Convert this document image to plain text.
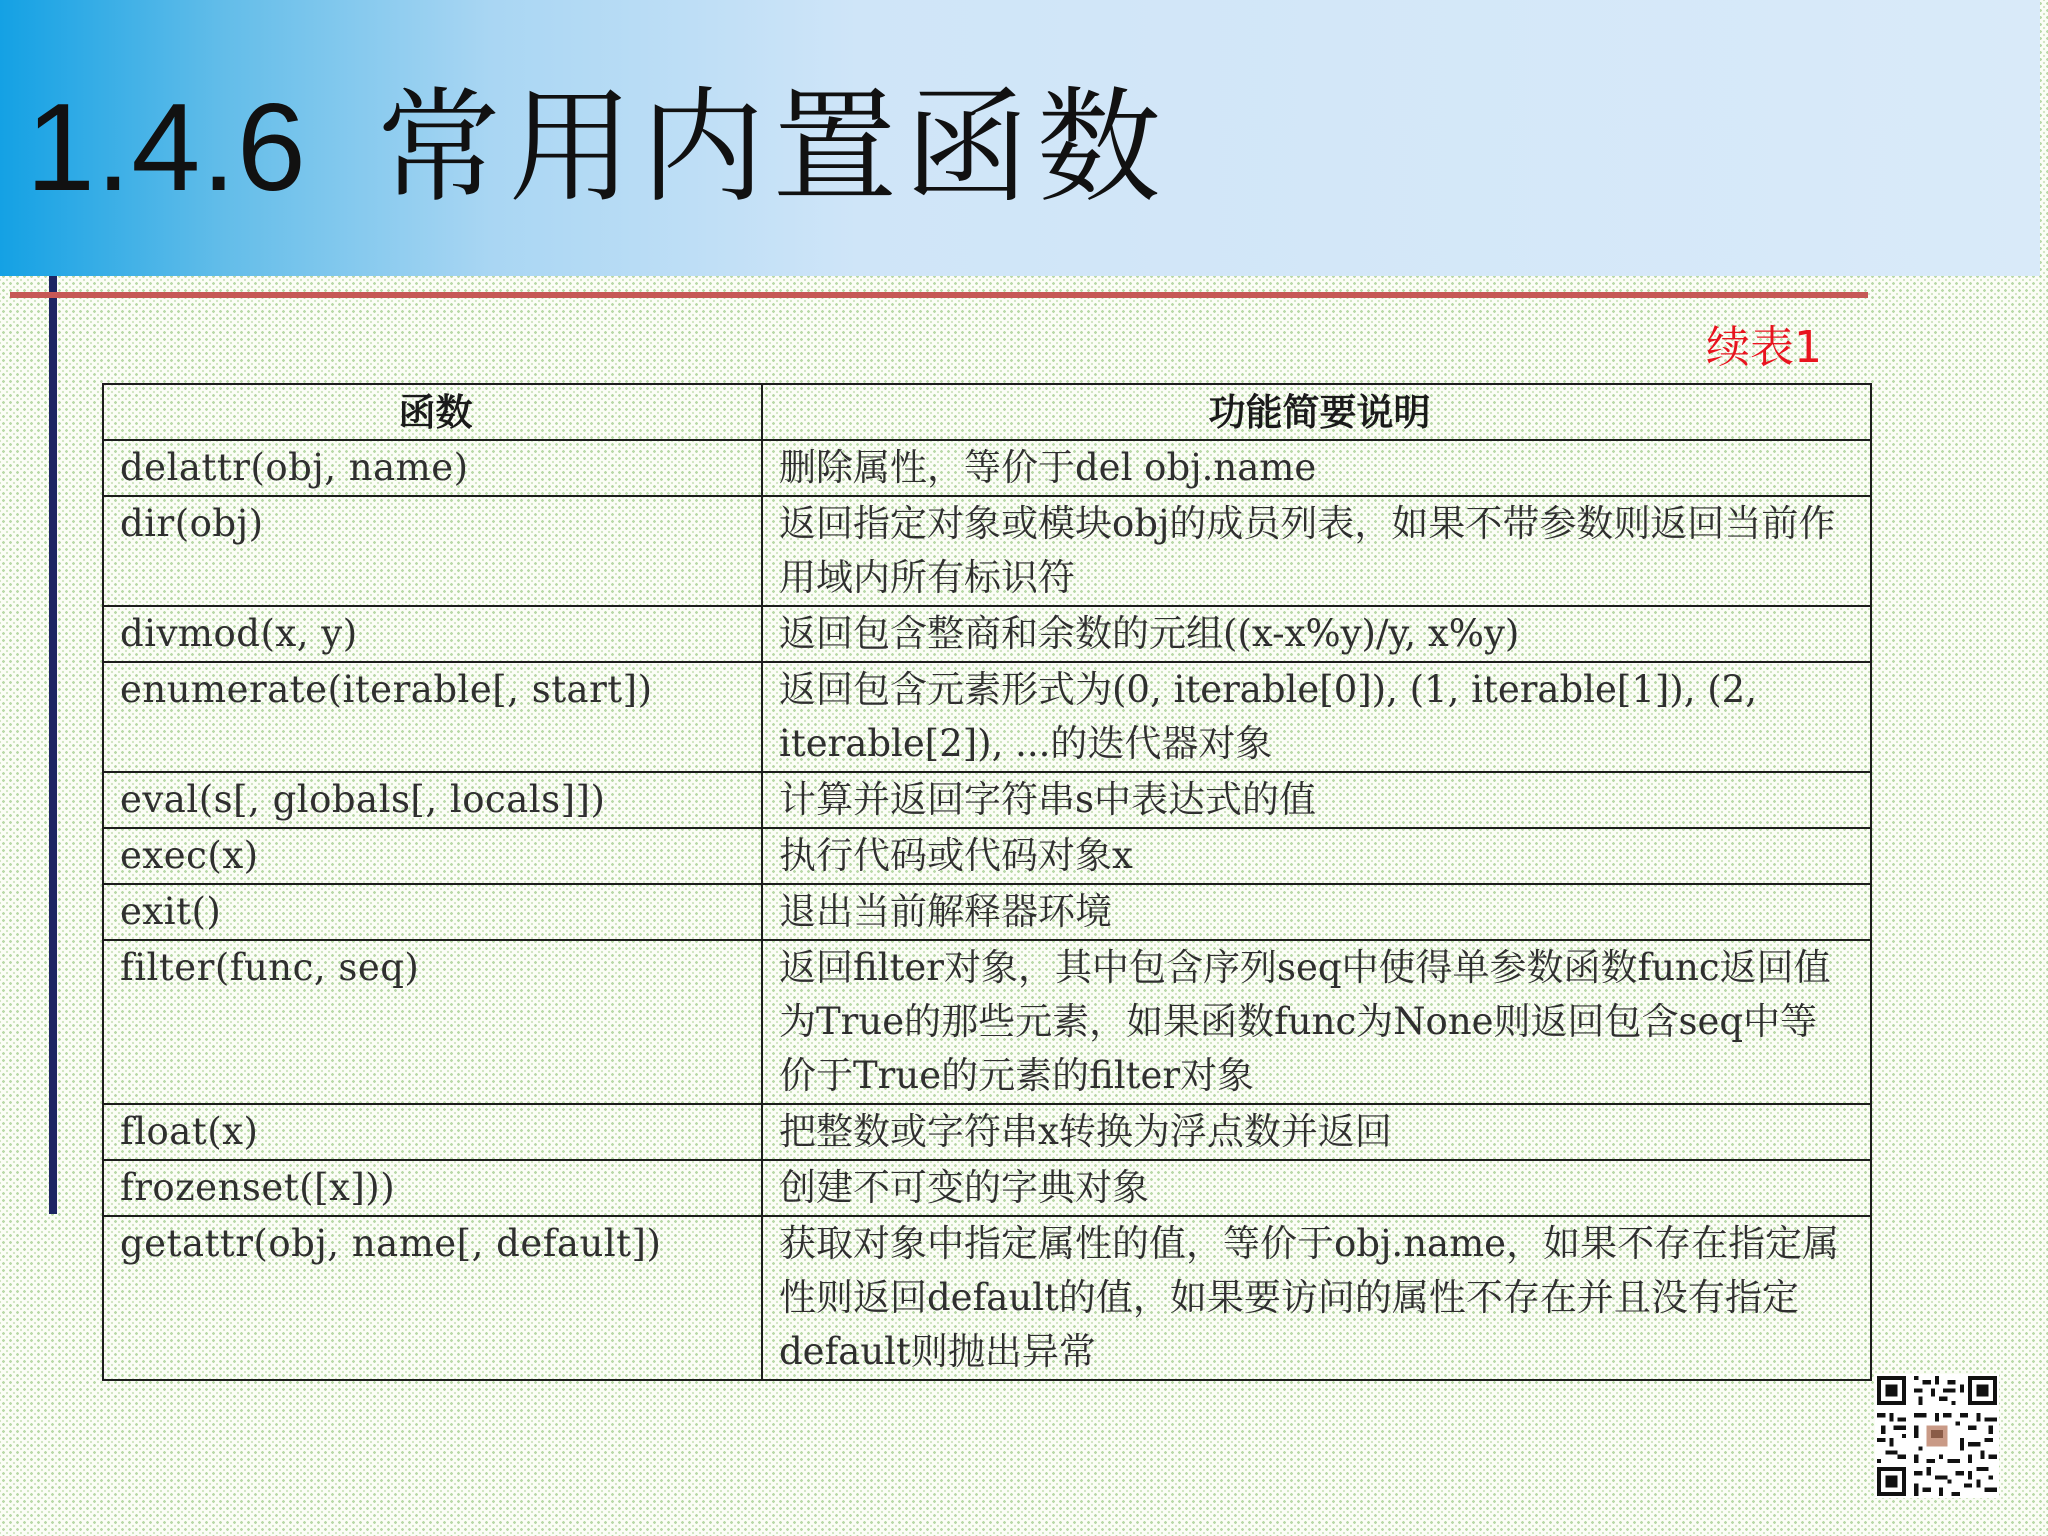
1.4.6 常用内置函数

续表1

函数	功能简要说明
delattr(obj, name)	删除属性，等价于del obj.name
dir(obj)	返回指定对象或模块obj的成员列表，如果不带参数则返回当前作用域内所有标识符
divmod(x, y)	返回包含整商和余数的元组((x-x%y)/y, x%y)
enumerate(iterable[, start])	返回包含元素形式为(0, iterable[0]), (1, iterable[1]), (2, iterable[2]), ...的迭代器对象
eval(s[, globals[, locals]])	计算并返回字符串s中表达式的值
exec(x)	执行代码或代码对象x
exit()	退出当前解释器环境
filter(func, seq)	返回filter对象，其中包含序列seq中使得单参数函数func返回值为True的那些元素，如果函数func为None则返回包含seq中等价于True的元素的filter对象
float(x)	把整数或字符串x转换为浮点数并返回
frozenset([x]))	创建不可变的字典对象
getattr(obj, name[, default])	获取对象中指定属性的值，等价于obj.name，如果不存在指定属性则返回default的值，如果要访问的属性不存在并且没有指定default则抛出异常
